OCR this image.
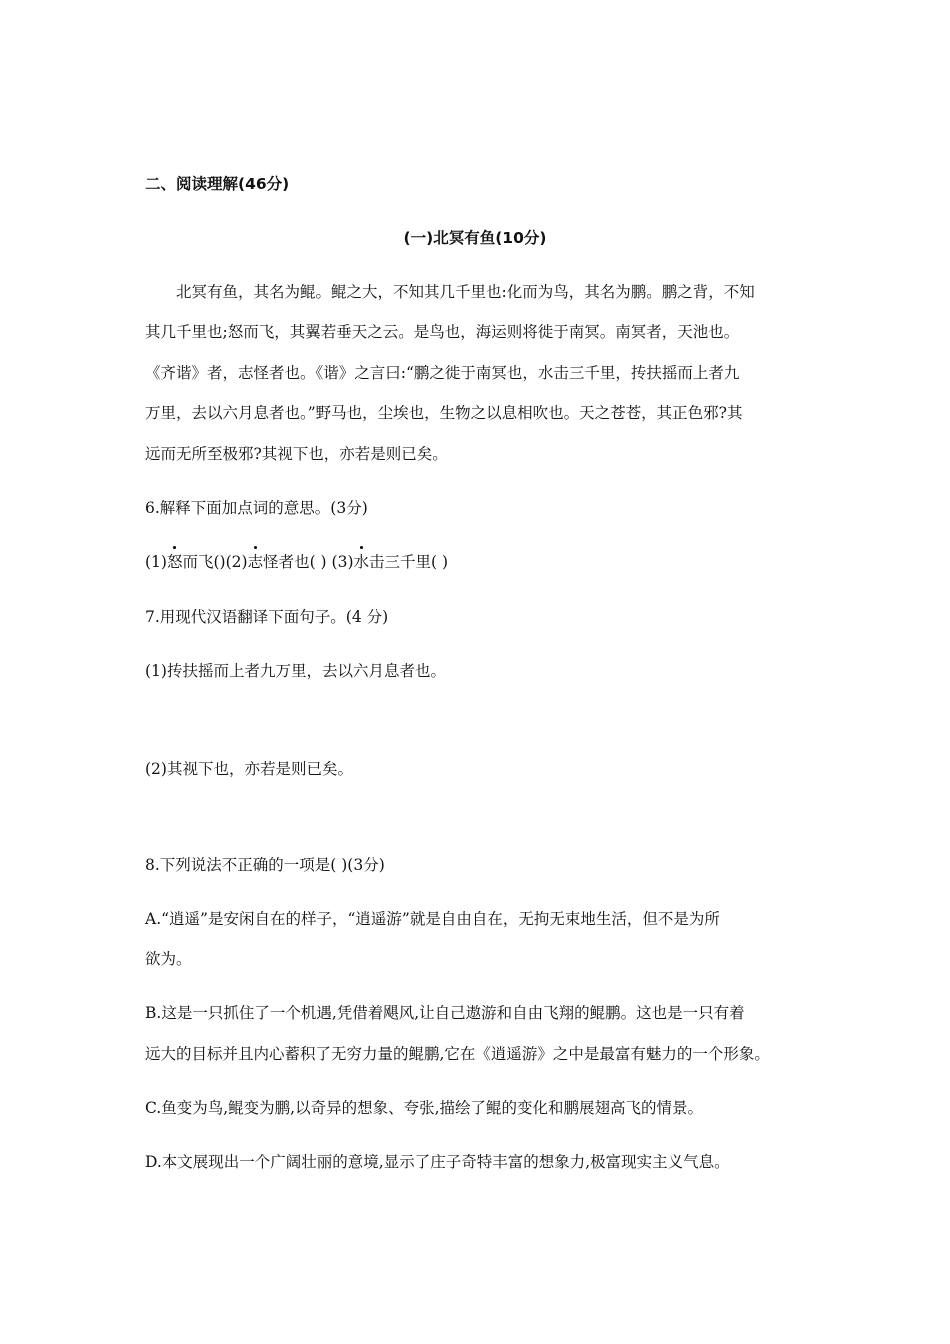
二、阅读理解(46分)
(一)北冥有鱼(10分)
北冥有鱼，其名为鲲。鲲之大，不知其几千里也:化而为鸟，其名为鹏。鹏之背，不知
其几千里也;怒而飞，其翼若垂天之云。是鸟也，海运则将徙于南冥。南冥者，天池也。
《齐谐》者，志怪者也。《谐》之言曰:“鹏之徙于南冥也，水击三千里，抟扶摇而上者九
万里，去以六月息者也。”野马也，尘埃也，生物之以息相吹也。天之苍苍，其正色邪?其
远而无所至极邪?其视下也，亦若是则已矣。
6.解释下面加点词的意思。(3分)
(1)怒而飞()(2)志怪者也( ) (3)水击三千里( )
7.用现代汉语翻译下面句子。(4 分)
(1)抟扶摇而上者九万里，去以六月息者也。
(2)其视下也，亦若是则已矣。
8.下列说法不正确的一项是( )(3分)
A.“逍遥”是安闲自在的样子，“逍遥游”就是自由自在，无拘无束地生活，但不是为所
欲为。
B.这是一只抓住了一个机遇,凭借着飓风,让自己遨游和自由飞翔的鲲鹏。这也是一只有着
远大的目标并且内心蓄积了无穷力量的鲲鹏,它在《逍遥游》之中是最富有魅力的一个形象。
C.鱼变为鸟,鲲变为鹏,以奇异的想象、夸张,描绘了鲲的变化和鹏展翅高飞的情景。
D.本文展现出一个广阔壮丽的意境,显示了庄子奇特丰富的想象力,极富现实主义气息。
